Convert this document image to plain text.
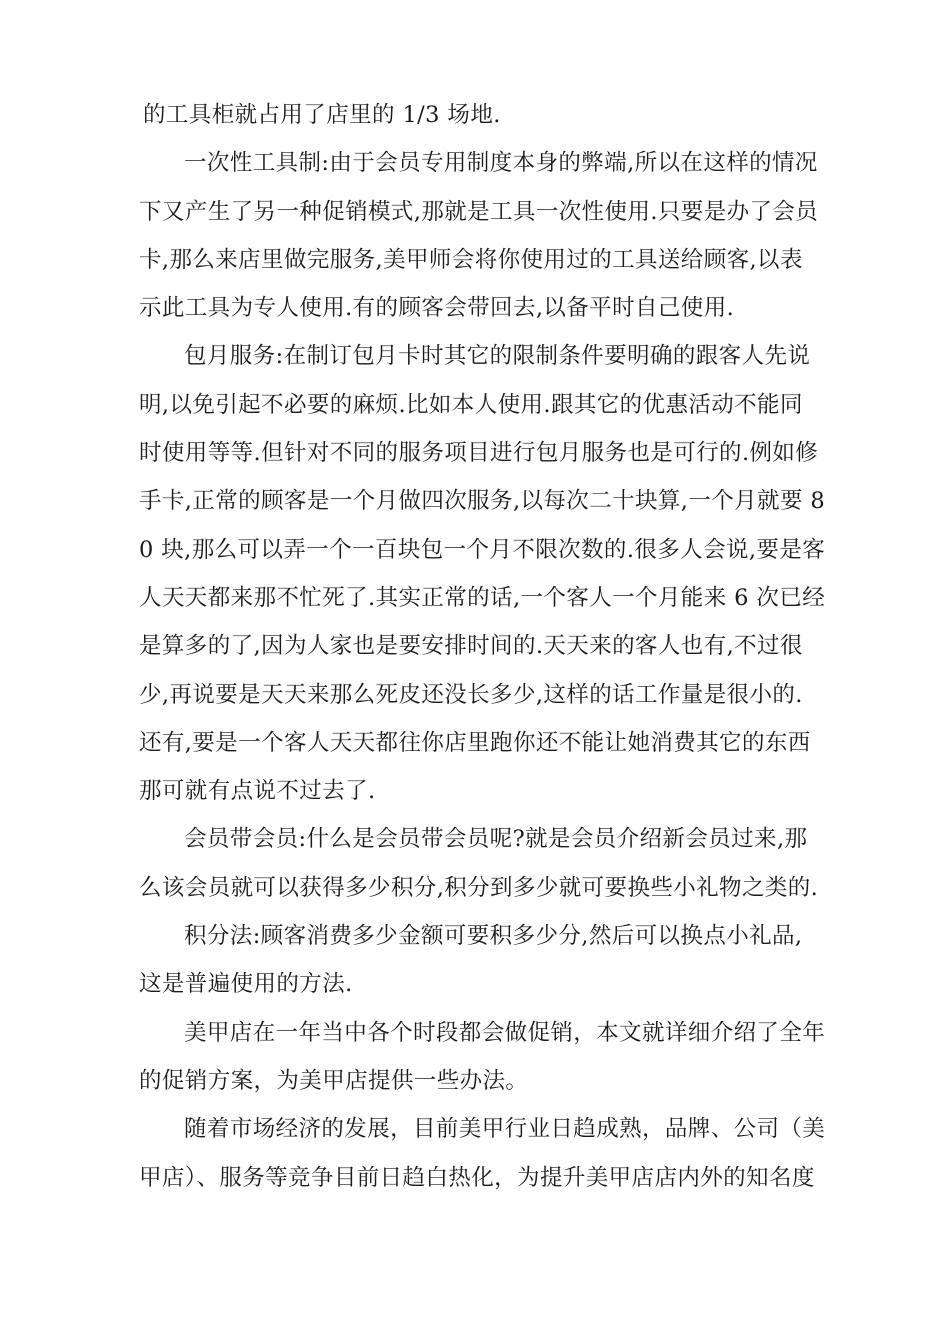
的工具柜就占用了店里的 1/3 场地.
一次性工具制:由于会员专用制度本身的弊端,所以在这样的情况
下又产生了另一种促销模式,那就是工具一次性使用.只要是办了会员
卡,那么来店里做完服务,美甲师会将你使用过的工具送给顾客,以表
示此工具为专人使用.有的顾客会带回去,以备平时自己使用.
包月服务:在制订包月卡时其它的限制条件要明确的跟客人先说
明,以免引起不必要的麻烦.比如本人使用.跟其它的优惠活动不能同
时使用等等.但针对不同的服务项目进行包月服务也是可行的.例如修
手卡,正常的顾客是一个月做四次服务,以每次二十块算,一个月就要 8
0 块,那么可以弄一个一百块包一个月不限次数的.很多人会说,要是客
人天天都来那不忙死了.其实正常的话,一个客人一个月能来 6 次已经
是算多的了,因为人家也是要安排时间的.天天来的客人也有,不过很
少,再说要是天天来那么死皮还没长多少,这样的话工作量是很小的.
还有,要是一个客人天天都往你店里跑你还不能让她消费其它的东西
那可就有点说不过去了.
会员带会员:什么是会员带会员呢?就是会员介绍新会员过来,那
么该会员就可以获得多少积分,积分到多少就可要换些小礼物之类的.
积分法:顾客消费多少金额可要积多少分,然后可以换点小礼品,
这是普遍使用的方法.
美甲店在一年当中各个时段都会做促销，本文就详细介绍了全年
的促销方案，为美甲店提供一些办法。
随着市场经济的发展，目前美甲行业日趋成熟，品牌、公司（美
甲店）、服务等竞争目前日趋白热化，为提升美甲店店内外的知名度
